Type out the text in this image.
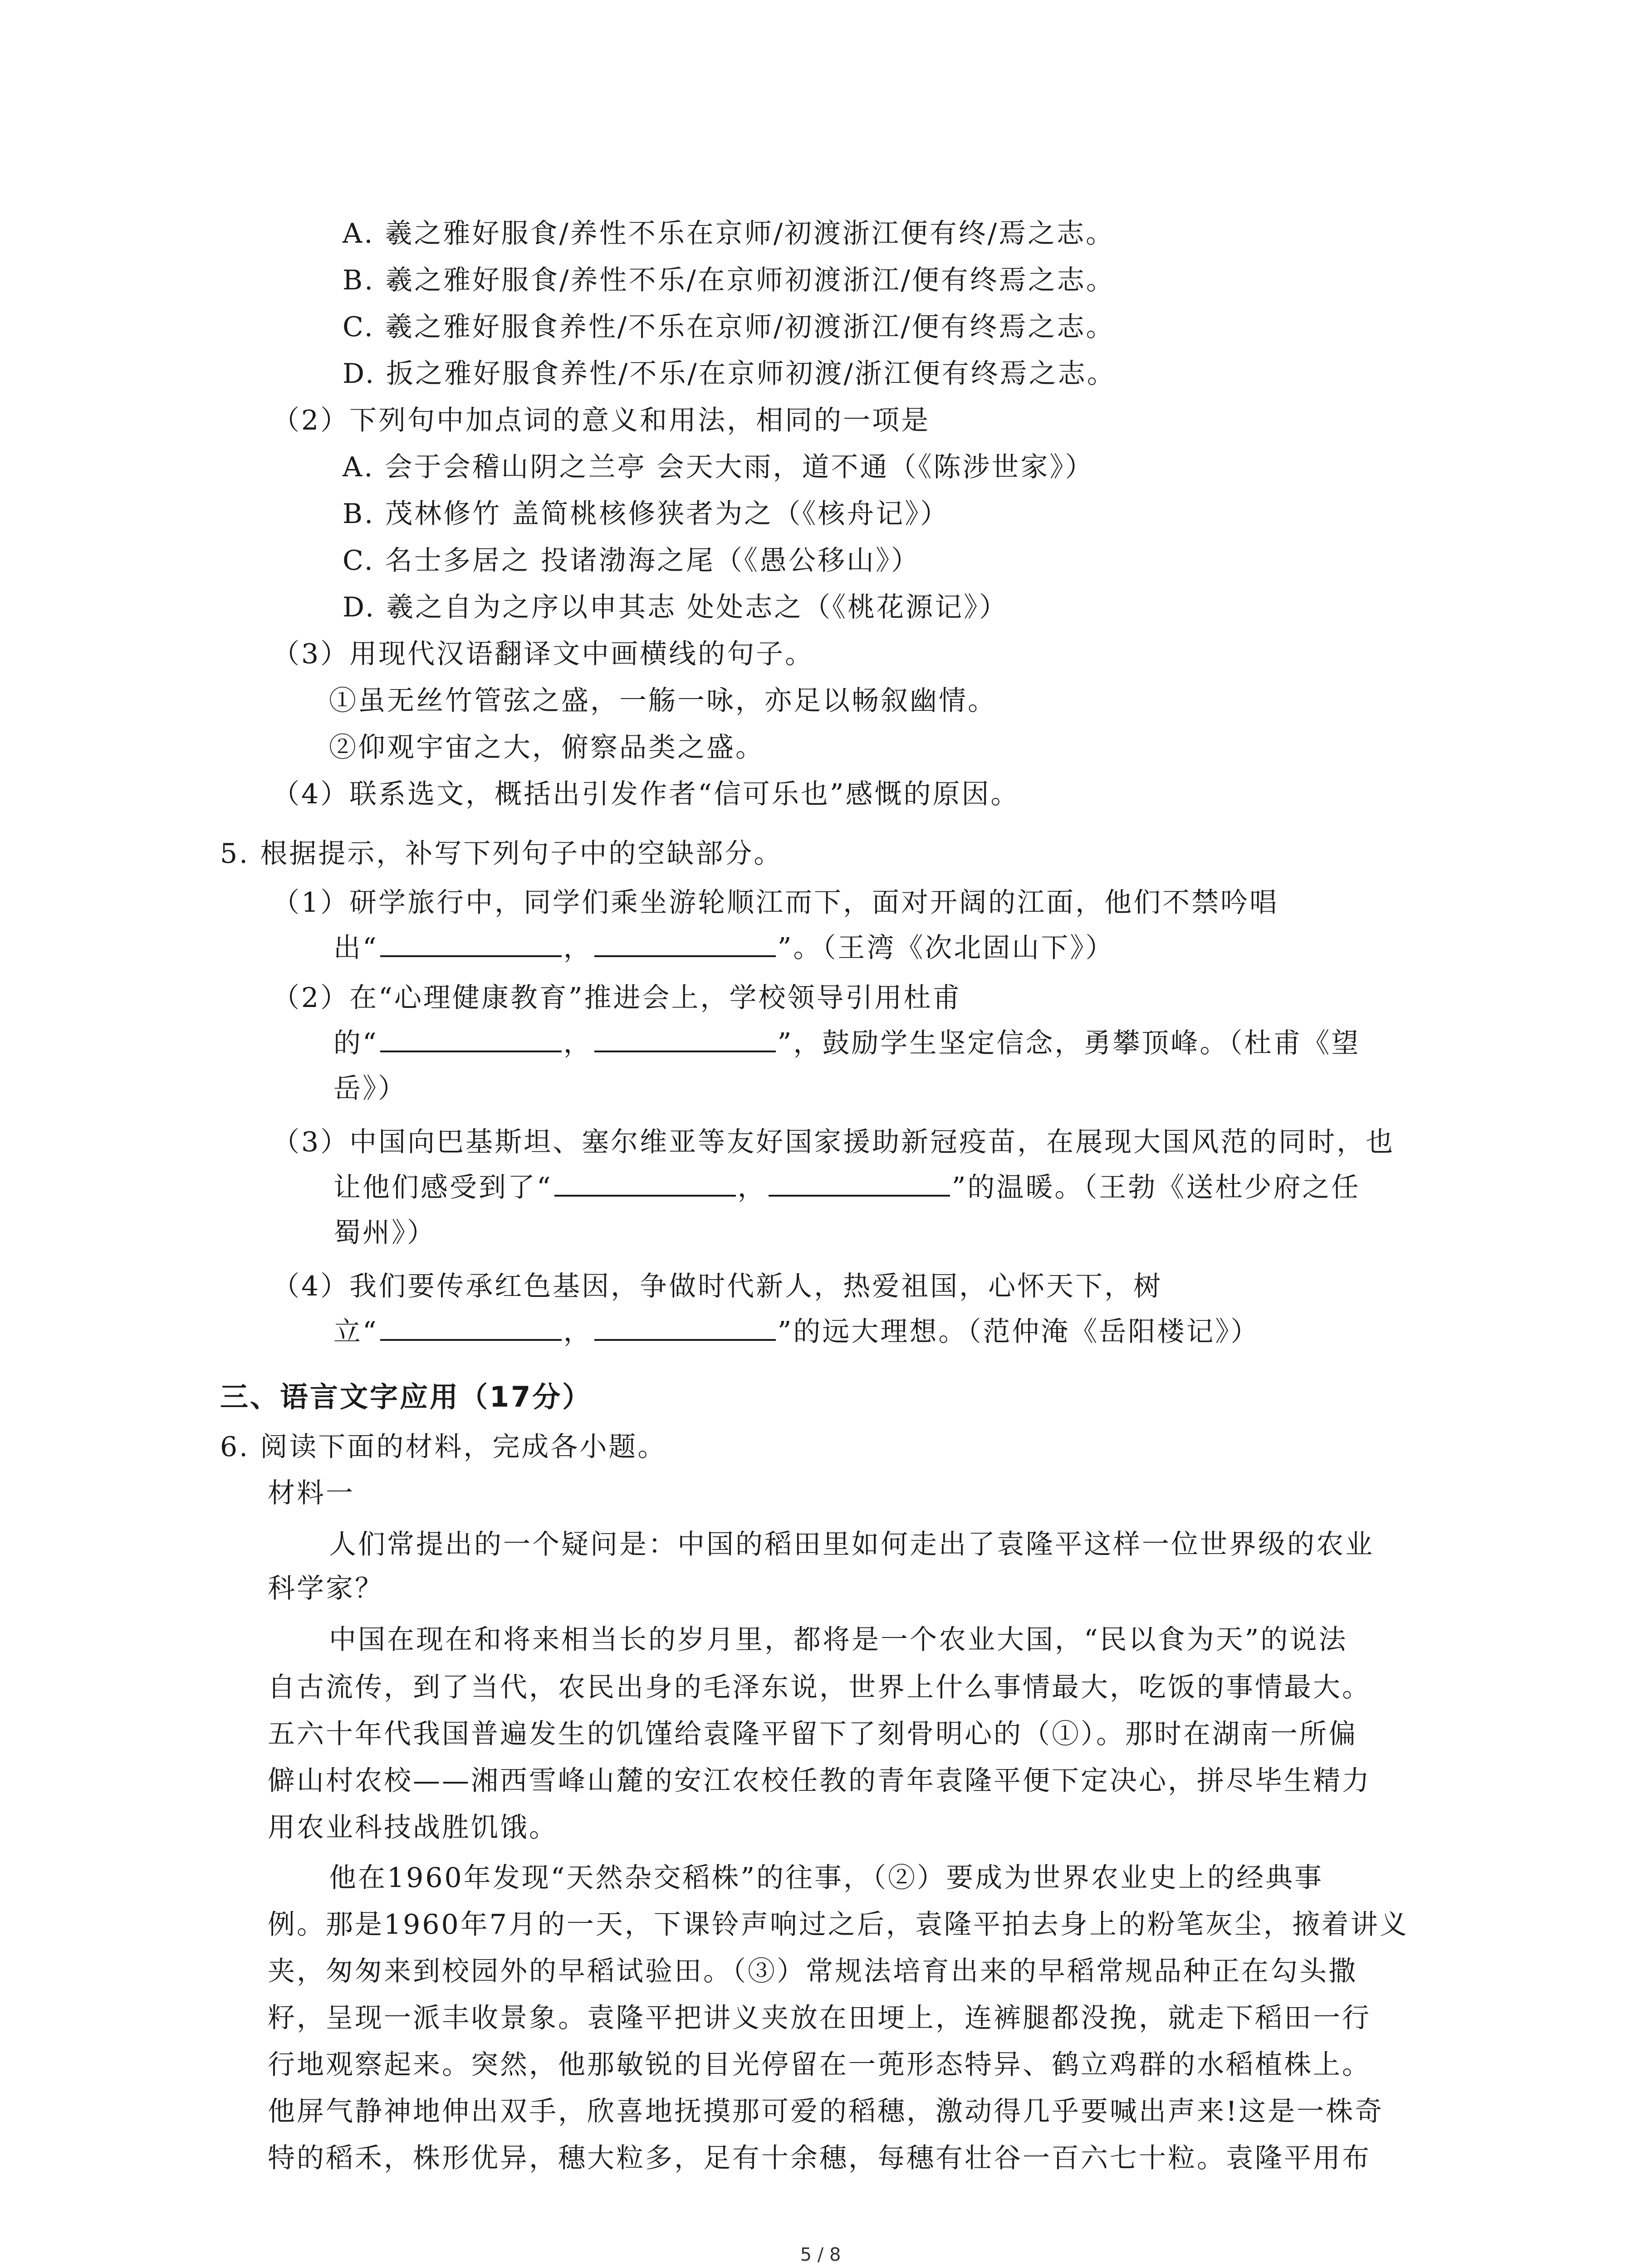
A. 羲之雅好服食/养性不乐在京师/初渡浙江便有终/焉之志。
B. 羲之雅好服食/养性不乐/在京师初渡浙江/便有终焉之志。
C. 羲之雅好服食养性/不乐在京师/初渡浙江/便有终焉之志。
D. 扳之雅好服食养性/不乐/在京师初渡/浙江便有终焉之志。
（2）下列句中加点词的意义和用法，相同的一项是
A. 会于会稽山阴之兰亭 会天大雨，道不通（《陈涉世家》）
B. 茂林修竹 盖简桃核修狭者为之（《核舟记》）
C. 名士多居之 投诸渤海之尾（《愚公移山》）
D. 羲之自为之序以申其志 处处志之（《桃花源记》）
（3）用现代汉语翻译文中画横线的句子。
①虽无丝竹管弦之盛，一觞一咏，亦足以畅叙幽情。
②仰观宇宙之大，俯察品类之盛。
（4）联系选文，概括出引发作者“信可乐也”感慨的原因。
5. 根据提示，补写下列句子中的空缺部分。
（1）研学旅行中，同学们乘坐游轮顺江而下，面对开阔的江面，他们不禁吟唱
出“	，	”。（王湾《次北固山下》）
（2）在“心理健康教育”推进会上，学校领导引用杜甫
的“	，	”，鼓励学生坚定信念，勇攀顶峰。（杜甫《望
岳》）
（3）中国向巴基斯坦、塞尔维亚等友好国家援助新冠疫苗，在展现大国风范的同时，也
让他们感受到了“	，	”的温暖。（王勃《送杜少府之任
蜀州》）
（4）我们要传承红色基因，争做时代新人，热爱祖国，心怀天下，树
立“	，	”的远大理想。（范仲淹《岳阳楼记》）
三、语言文字应用（17分）
6. 阅读下面的材料，完成各小题。
材料一
人们常提出的一个疑问是：中国的稻田里如何走出了袁隆平这样一位世界级的农业
科学家？
中国在现在和将来相当长的岁月里，都将是一个农业大国，“民以食为天”的说法
自古流传，到了当代，农民出身的毛泽东说，世界上什么事情最大，吃饭的事情最大。
五六十年代我国普遍发生的饥馑给袁隆平留下了刻骨明心的（①）。那时在湖南一所偏
僻山村农校——湘西雪峰山麓的安江农校任教的青年袁隆平便下定决心，拼尽毕生精力
用农业科技战胜饥饿。
他在1960年发现“天然杂交稻株”的往事，（②）要成为世界农业史上的经典事
例。那是1960年7月的一天，下课铃声响过之后，袁隆平拍去身上的粉笔灰尘，掖着讲义
夹，匆匆来到校园外的早稻试验田。（③）常规法培育出来的早稻常规品种正在勾头撒
籽，呈现一派丰收景象。袁隆平把讲义夹放在田埂上，连裤腿都没挽，就走下稻田一行
行地观察起来。突然，他那敏锐的目光停留在一蔸形态特异、鹤立鸡群的水稻植株上。
他屏气静神地伸出双手，欣喜地抚摸那可爱的稻穗，激动得几乎要喊出声来!这是一株奇
特的稻禾，株形优异，穗大粒多，足有十余穗，每穗有壮谷一百六七十粒。袁隆平用布
5 / 8
